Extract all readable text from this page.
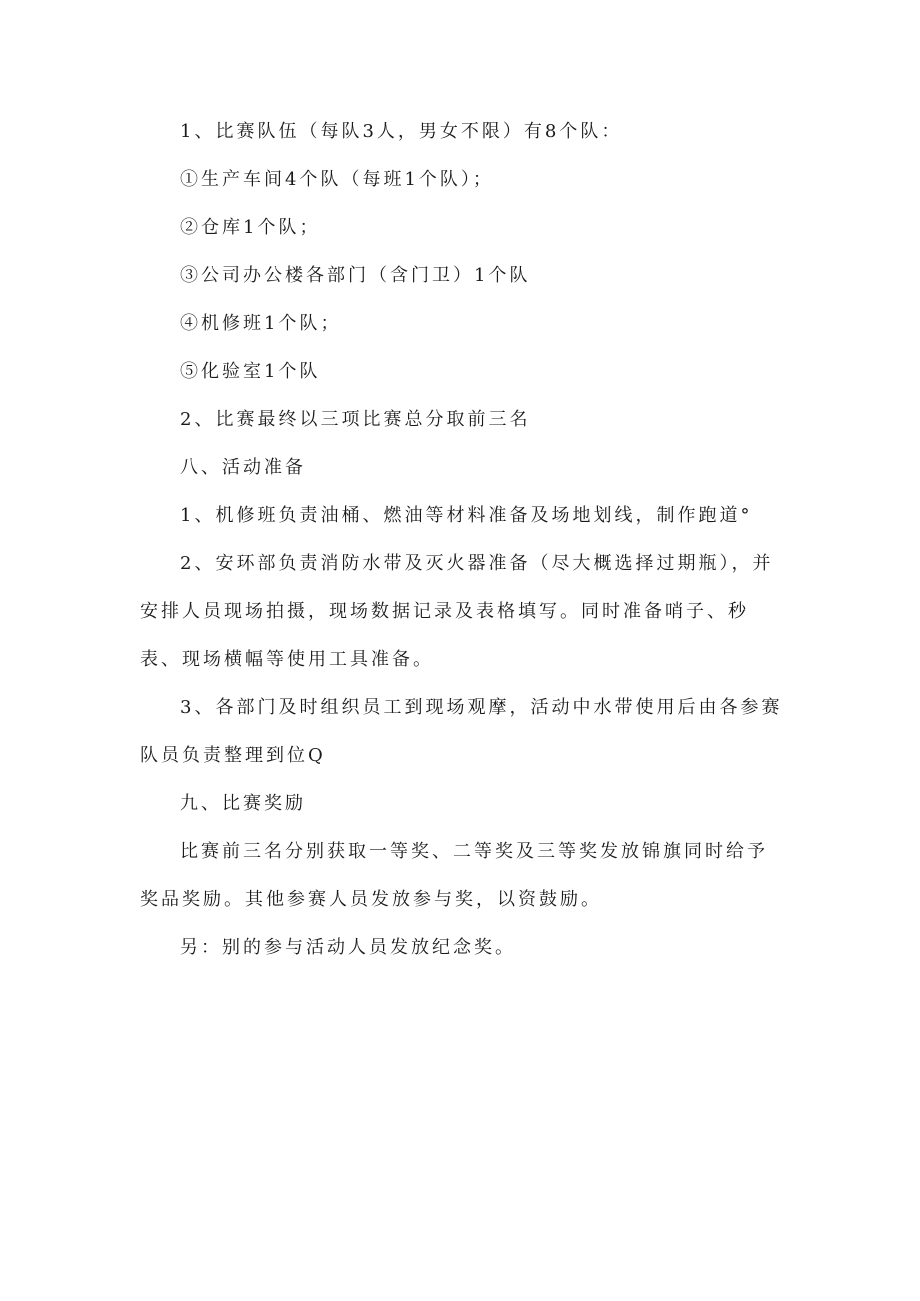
1、比赛队伍（每队3人，男女不限）有8个队：

①生产车间4个队（每班1个队）；

②仓库1个队；

③公司办公楼各部门（含门卫）1个队

④机修班1个队；

⑤化验室1个队

2、比赛最终以三项比赛总分取前三名

八、活动准备

1、机修班负责油桶、燃油等材料准备及场地划线，制作跑道°

2、安环部负责消防水带及灭火器准备（尽大概选择过期瓶），并安排人员现场拍摄，现场数据记录及表格填写。同时准备哨子、秒表、现场横幅等使用工具准备。

3、各部门及时组织员工到现场观摩，活动中水带使用后由各参赛队员负责整理到位Q

九、比赛奖励

比赛前三名分别获取一等奖、二等奖及三等奖发放锦旗同时给予奖品奖励。其他参赛人员发放参与奖，以资鼓励。

另：别的参与活动人员发放纪念奖。
